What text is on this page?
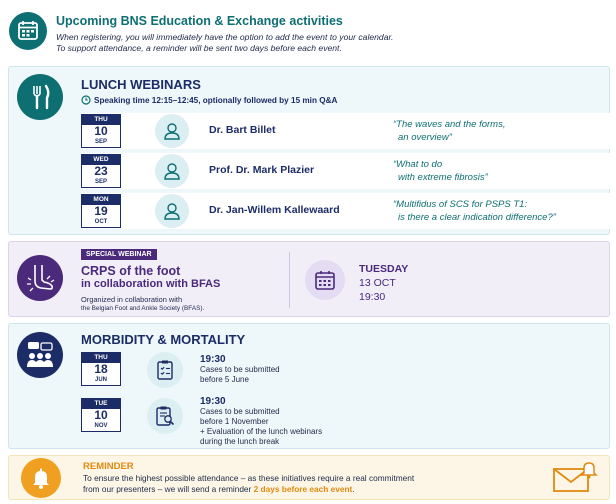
Upcoming BNS Education & Exchange activities
When registering, you will immediately have the option to add the event to your calendar.
To support attendance, a reminder will be sent two days before each event.
LUNCH WEBINARS
Speaking time 12:15–12:45, optionally followed by 15 min Q&A
THU
10
SEP
Dr. Bart Billet	“The waves and the forms,
an overview”
WED
23
SEP
Prof. Dr. Mark Plazier	“What to do
with extreme fibrosis”
MON
19
OCT
Dr. Jan-Willem Kallewaard	“Multifidus of SCS for PSPS T1:
is there a clear indication difference?”
SPECIAL WEBINAR
CRPS of the foot
in collaboration with BFAS
Organized in collaboration with
the Belgian Foot and Ankle Society (BFAS).
TUESDAY
13 OCT
19:30
MORBIDITY & MORTALITY
THU
18
JUN
19:30
Cases to be submitted
before 5 June
TUE
10
NOV
19:30
Cases to be submitted
before 1 November
+ Evaluation of the lunch webinars
during the lunch break
REMINDER
To ensure the highest possible attendance – as these initiatives require a real commitment
from our presenters – we will send a reminder 2 days before each event.
